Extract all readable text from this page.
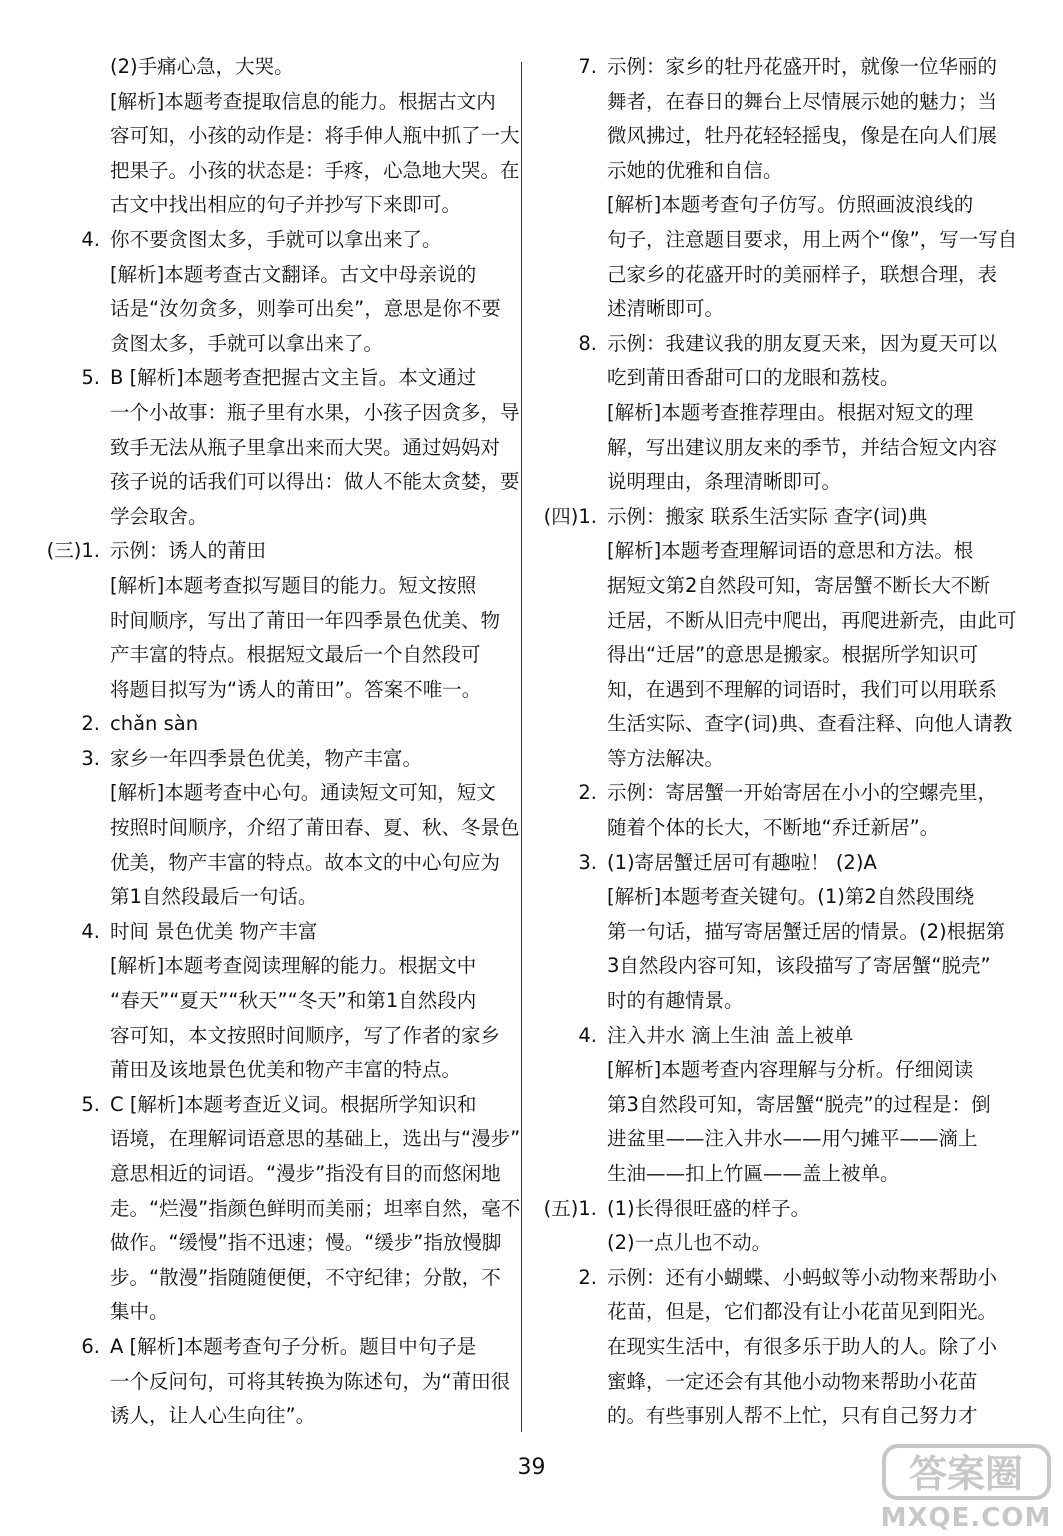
(2)手痛心急，大哭。
[解析]本题考查提取信息的能力。根据古文内
容可知，小孩的动作是：将手伸人瓶中抓了一大
把果子。小孩的状态是：手疼，心急地大哭。在
古文中找出相应的句子并抄写下来即可。
4. 你不要贪图太多，手就可以拿出来了。
[解析]本题考查古文翻译。古文中母亲说的
话是“汝勿贪多，则拳可出矣”，意思是你不要
贪图太多，手就可以拿出来了。
5. B [解析]本题考查把握古文主旨。本文通过
一个小故事：瓶子里有水果，小孩子因贪多，导
致手无法从瓶子里拿出来而大哭。通过妈妈对
孩子说的话我们可以得出：做人不能太贪婪，要
学会取舍。
(三)1. 示例：诱人的莆田
[解析]本题考查拟写题目的能力。短文按照
时间顺序，写出了莆田一年四季景色优美、物
产丰富的特点。根据短文最后一个自然段可
将题目拟写为“诱人的莆田”。答案不唯一。
2. chǎn sàn
3. 家乡一年四季景色优美，物产丰富。
[解析]本题考查中心句。通读短文可知，短文
按照时间顺序，介绍了莆田春、夏、秋、冬景色
优美，物产丰富的特点。故本文的中心句应为
第1自然段最后一句话。
4. 时间 景色优美 物产丰富
[解析]本题考查阅读理解的能力。根据文中
“春天”“夏天”“秋天”“冬天”和第1自然段内
容可知，本文按照时间顺序，写了作者的家乡
莆田及该地景色优美和物产丰富的特点。
5. C [解析]本题考查近义词。根据所学知识和
语境，在理解词语意思的基础上，选出与“漫步”
意思相近的词语。“漫步”指没有目的而悠闲地
走。“烂漫”指颜色鲜明而美丽；坦率自然，毫不
做作。“缓慢”指不迅速；慢。“缓步”指放慢脚
步。“散漫”指随随便便，不守纪律；分散，不
集中。
6. A [解析]本题考查句子分析。题目中句子是
一个反问句，可将其转换为陈述句，为“莆田很
诱人，让人心生向往”。
7. 示例：家乡的牡丹花盛开时，就像一位华丽的
舞者，在春日的舞台上尽情展示她的魅力；当
微风拂过，牡丹花轻轻摇曳，像是在向人们展
示她的优雅和自信。
[解析]本题考查句子仿写。仿照画波浪线的
句子，注意题目要求，用上两个“像”，写一写自
己家乡的花盛开时的美丽样子，联想合理，表
述清晰即可。
8. 示例：我建议我的朋友夏天来，因为夏天可以
吃到莆田香甜可口的龙眼和荔枝。
[解析]本题考查推荐理由。根据对短文的理
解，写出建议朋友来的季节，并结合短文内容
说明理由，条理清晰即可。
(四)1. 示例：搬家 联系生活实际 查字(词)典
[解析]本题考查理解词语的意思和方法。根
据短文第2自然段可知，寄居蟹不断长大不断
迁居，不断从旧壳中爬出，再爬进新壳，由此可
得出“迁居”的意思是搬家。根据所学知识可
知，在遇到不理解的词语时，我们可以用联系
生活实际、查字(词)典、查看注释、向他人请教
等方法解决。
2. 示例：寄居蟹一开始寄居在小小的空螺壳里，
随着个体的长大，不断地“乔迁新居”。
3. (1)寄居蟹迁居可有趣啦！ (2)A
[解析]本题考查关键句。(1)第2自然段围绕
第一句话，描写寄居蟹迁居的情景。(2)根据第
3自然段内容可知，该段描写了寄居蟹“脱壳”
时的有趣情景。
4. 注入井水 滴上生油 盖上被单
[解析]本题考查内容理解与分析。仔细阅读
第3自然段可知，寄居蟹“脱壳”的过程是：倒
进盆里——注入井水——用勺摊平——滴上
生油——扣上竹匾——盖上被单。
(五)1. (1)长得很旺盛的样子。
(2)一点儿也不动。
2. 示例：还有小蝴蝶、小蚂蚁等小动物来帮助小
花苗，但是，它们都没有让小花苗见到阳光。
在现实生活中，有很多乐于助人的人。除了小
蜜蜂，一定还会有其他小动物来帮助小花苗
的。有些事别人帮不上忙，只有自己努力才
39	答案圈
MXQE.COM
